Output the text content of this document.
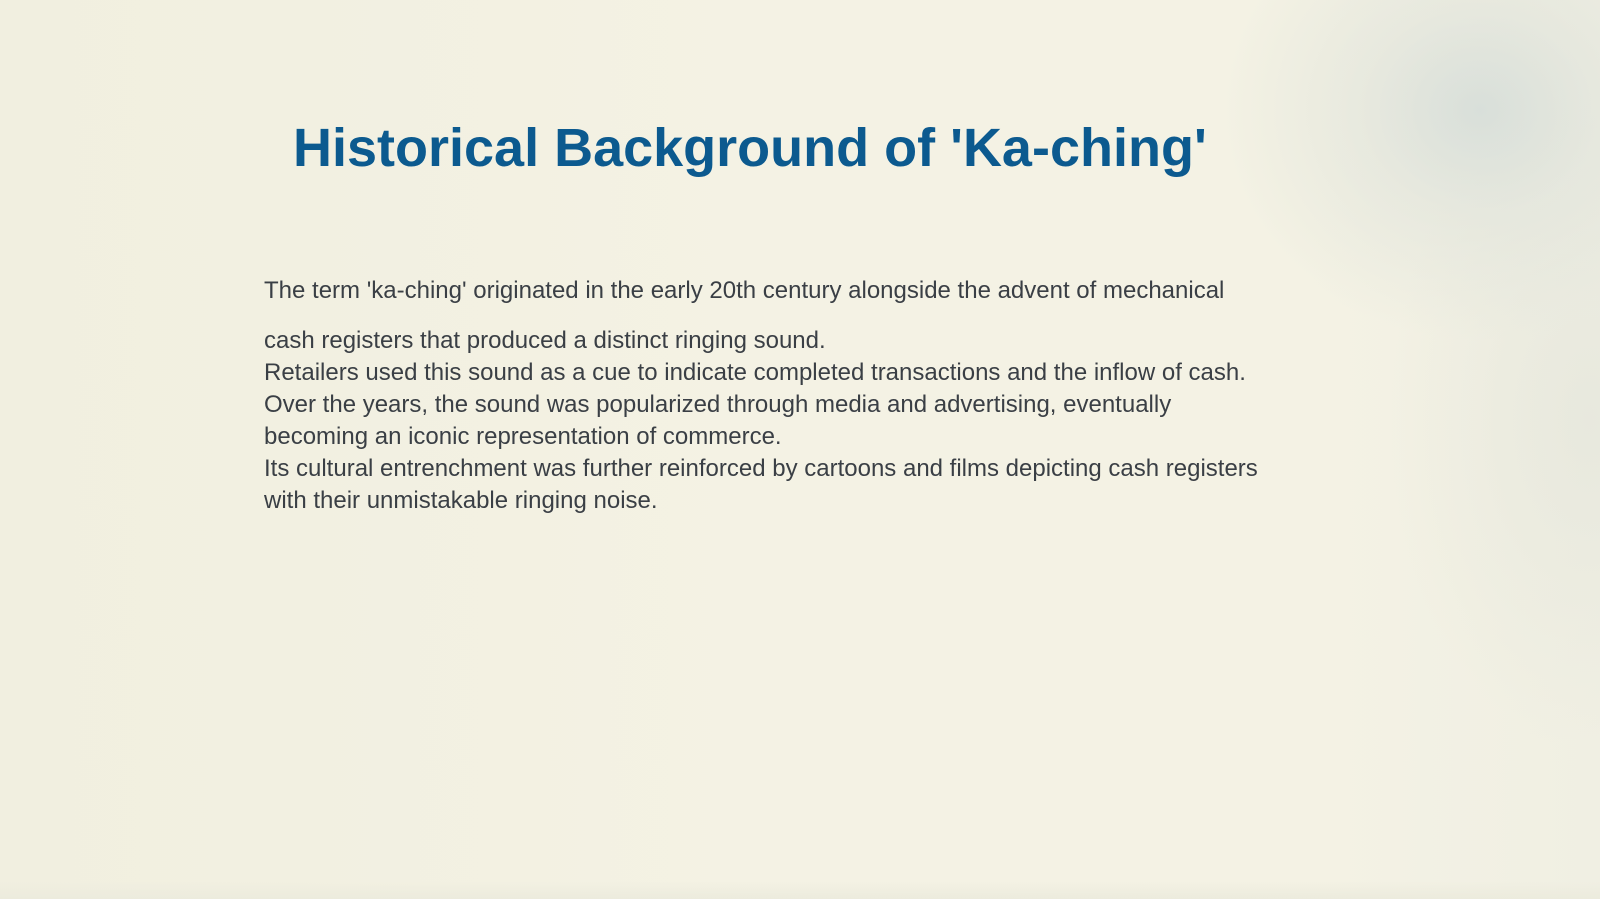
Historical Background of 'Ka-ching'

The term 'ka-ching' originated in the early 20th century alongside the advent of mechanical

cash registers that produced a distinct ringing sound.

Retailers used this sound as a cue to indicate completed transactions and the inflow of cash.

Over the years, the sound was popularized through media and advertising, eventually

becoming an iconic representation of commerce.

Its cultural entrenchment was further reinforced by cartoons and films depicting cash registers

with their unmistakable ringing noise.
